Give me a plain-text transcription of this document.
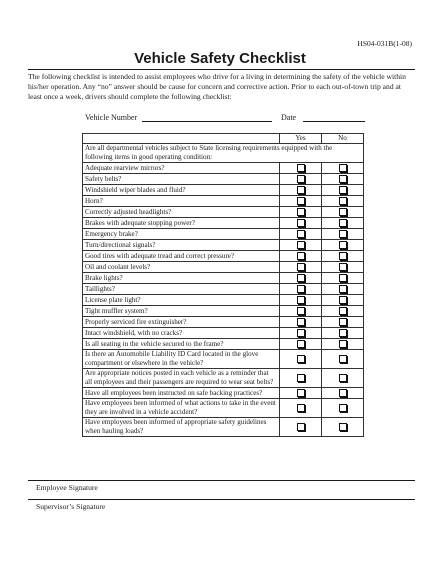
HS04-031B(1-08)
Vehicle Safety Checklist

The following checklist is intended to assist employees who drive for a living in determining the safety of the vehicle within his/her operation. Any “no” answer should be cause for concern and corrective action. Prior to each out-of-town trip and at least once a week, drivers should complete the following checklist:

Vehicle Number	Date
	Yes	No
Are all departmental vehicles subject to State licensing requirements equipped with the following items in good operating condition:		
Adequate rearview mirrors?		
Safety belts?		
Windshield wiper blades and fluid?		
Horn?		
Correctly adjusted headlights?		
Brakes with adequate stopping power?		
Emergency brake?		
Turn/directional signals?		
Good tires with adequate tread and correct pressure?		
Oil and coolant levels?		
Brake lights?		
Taillights?		
License plate light?		
Tight muffler system?		
Properly serviced fire extinguisher?		
Intact windshield, with no cracks?		
Is all seating in the vehicle secured to the frame?		
Is there an Automobile Liability ID Card located in the glove compartment or elsewhere in the vehicle?		
Are appropriate notices posted in each vehicle as a reminder that all employees and their passengers are required to wear seat belts?		
Have all employees been instructed on safe backing practices?		
Have employees been informed of what actions to take in the event they are involved in a vehicle accident?		
Have employees been informed of appropriate safety guidelines when hauling loads?		
Employee Signature
Supervisor’s Signature
